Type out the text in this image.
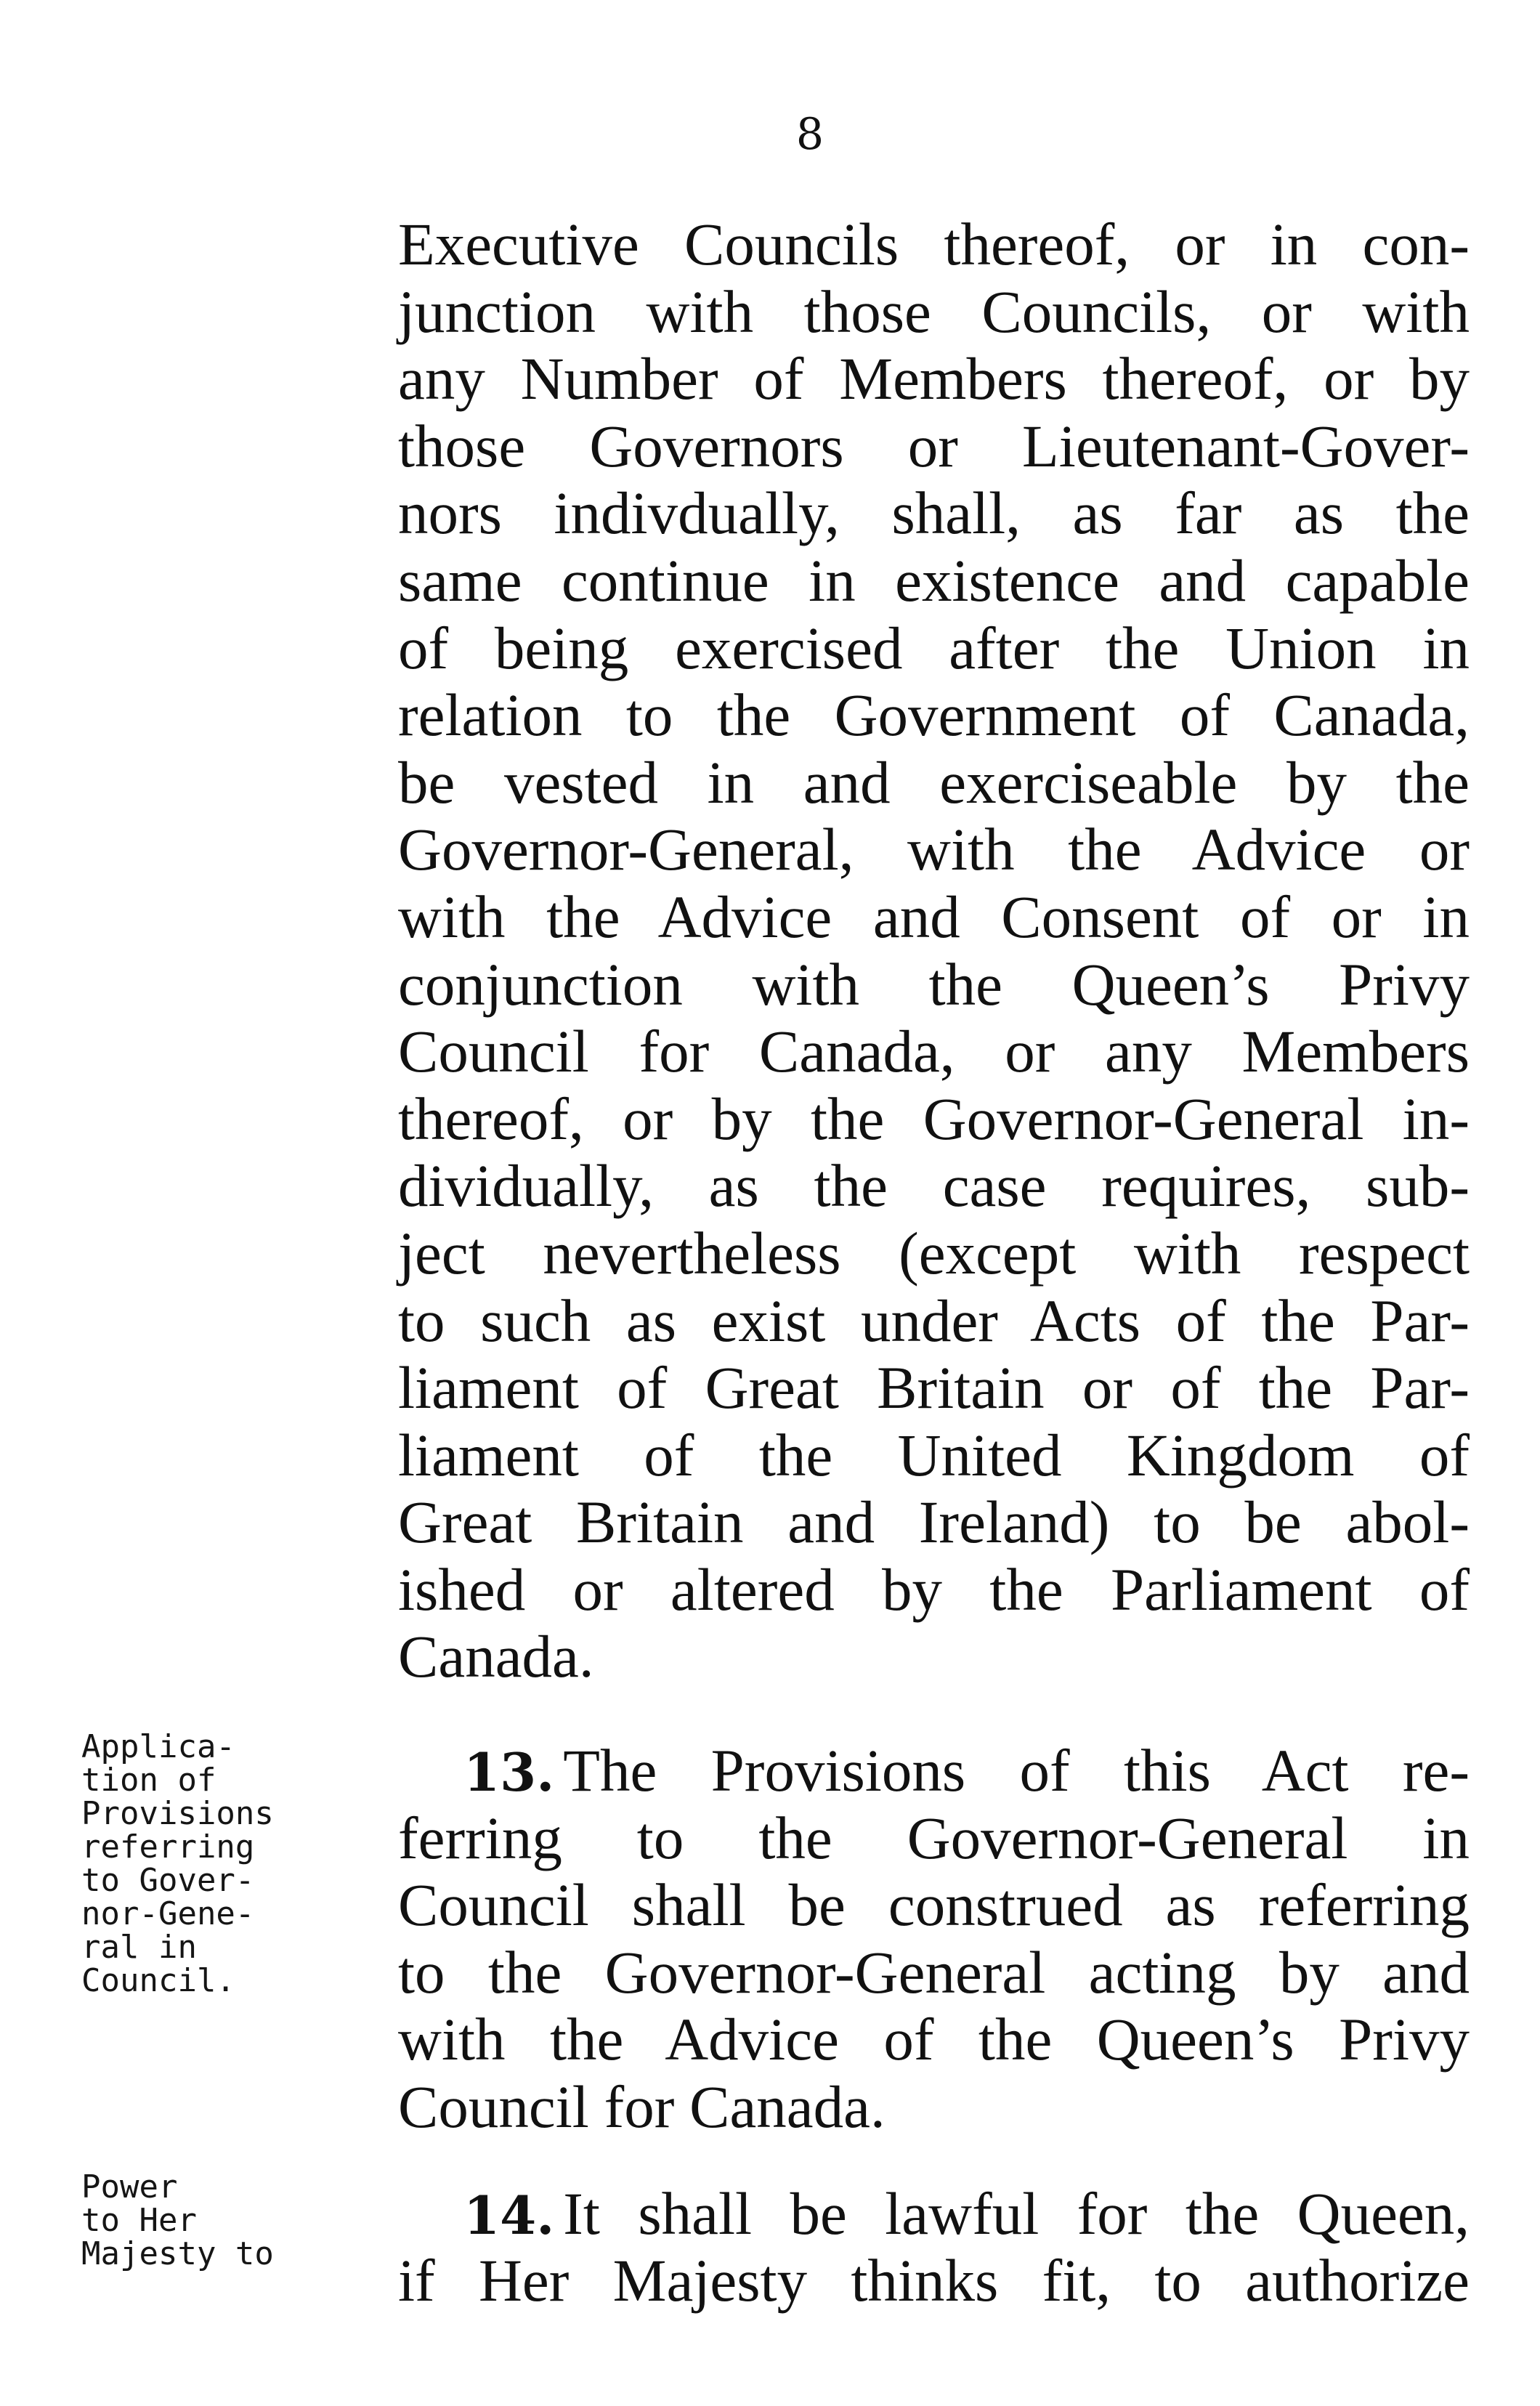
8
Executive Councils thereof, or in con-
junction with those Councils, or with
any Number of Members thereof, or by
those Governors or Lieutenant-Gover-
nors indivdually, shall, as far as the
same continue in existence and capable
of being exercised after the Union in
relation to the Government of Canada,
be vested in and exerciseable by the
Governor-General, with the Advice or
with the Advice and Consent of or in
conjunction with the Queen’s Privy
Council for Canada, or any Members
thereof, or by the Governor-General in-
dividually, as the case requires, sub-
ject nevertheless (except with respect
to such as exist under Acts of the Par-
liament of Great Britain or of the Par-
liament of the United Kingdom of
Great Britain and Ireland) to be abol-
ished or altered by the Parliament of
Canada.
13. The Provisions of this Act re-
ferring to the Governor-General in
Council shall be construed as referring
to the Governor-General acting by and
with the Advice of the Queen’s Privy
Council for Canada.
14. It shall be lawful for the Queen,
if Her Majesty thinks fit, to authorize
Applica-
tion of
Provisions
referring
to Gover-
nor-Gene-
ral in
Council.
Power
to Her
Majesty to
